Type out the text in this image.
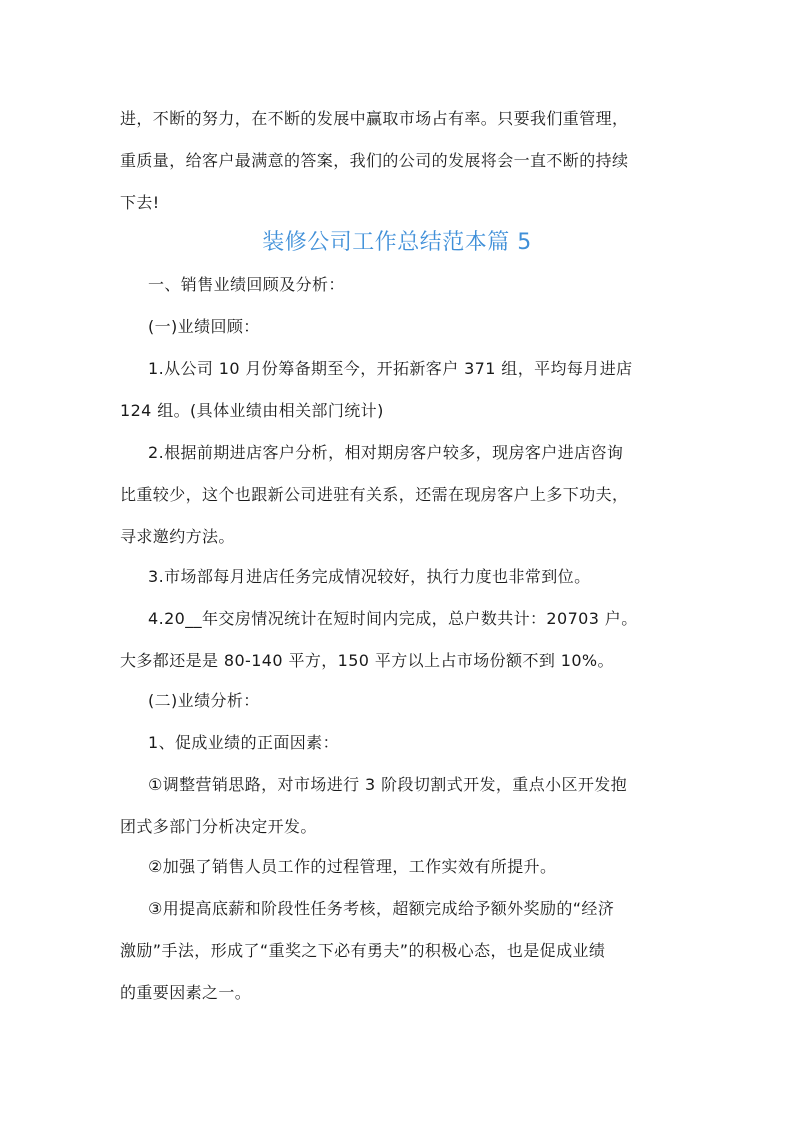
进，不断的努力，在不断的发展中赢取市场占有率。只要我们重管理，
重质量，给客户最满意的答案，我们的公司的发展将会一直不断的持续
下去!
装修公司工作总结范本篇 5
一、销售业绩回顾及分析：
(一)业绩回顾：
1.从公司 10 月份筹备期至今，开拓新客户 371 组，平均每月进店
124 组。(具体业绩由相关部门统计)
2.根据前期进店客户分析，相对期房客户较多，现房客户进店咨询
比重较少，这个也跟新公司进驻有关系，还需在现房客户上多下功夫，
寻求邀约方法。
3.市场部每月进店任务完成情况较好，执行力度也非常到位。
4.20__年交房情况统计在短时间内完成，总户数共计：20703 户。
大多都还是是 80-140 平方，150 平方以上占市场份额不到 10%。
(二)业绩分析：
1、促成业绩的正面因素：
①调整营销思路，对市场进行 3 阶段切割式开发，重点小区开发抱
团式多部门分析决定开发。
②加强了销售人员工作的过程管理，工作实效有所提升。
③用提高底薪和阶段性任务考核，超额完成给予额外奖励的“经济
激励”手法，形成了“重奖之下必有勇夫”的积极心态，也是促成业绩
的重要因素之一。
